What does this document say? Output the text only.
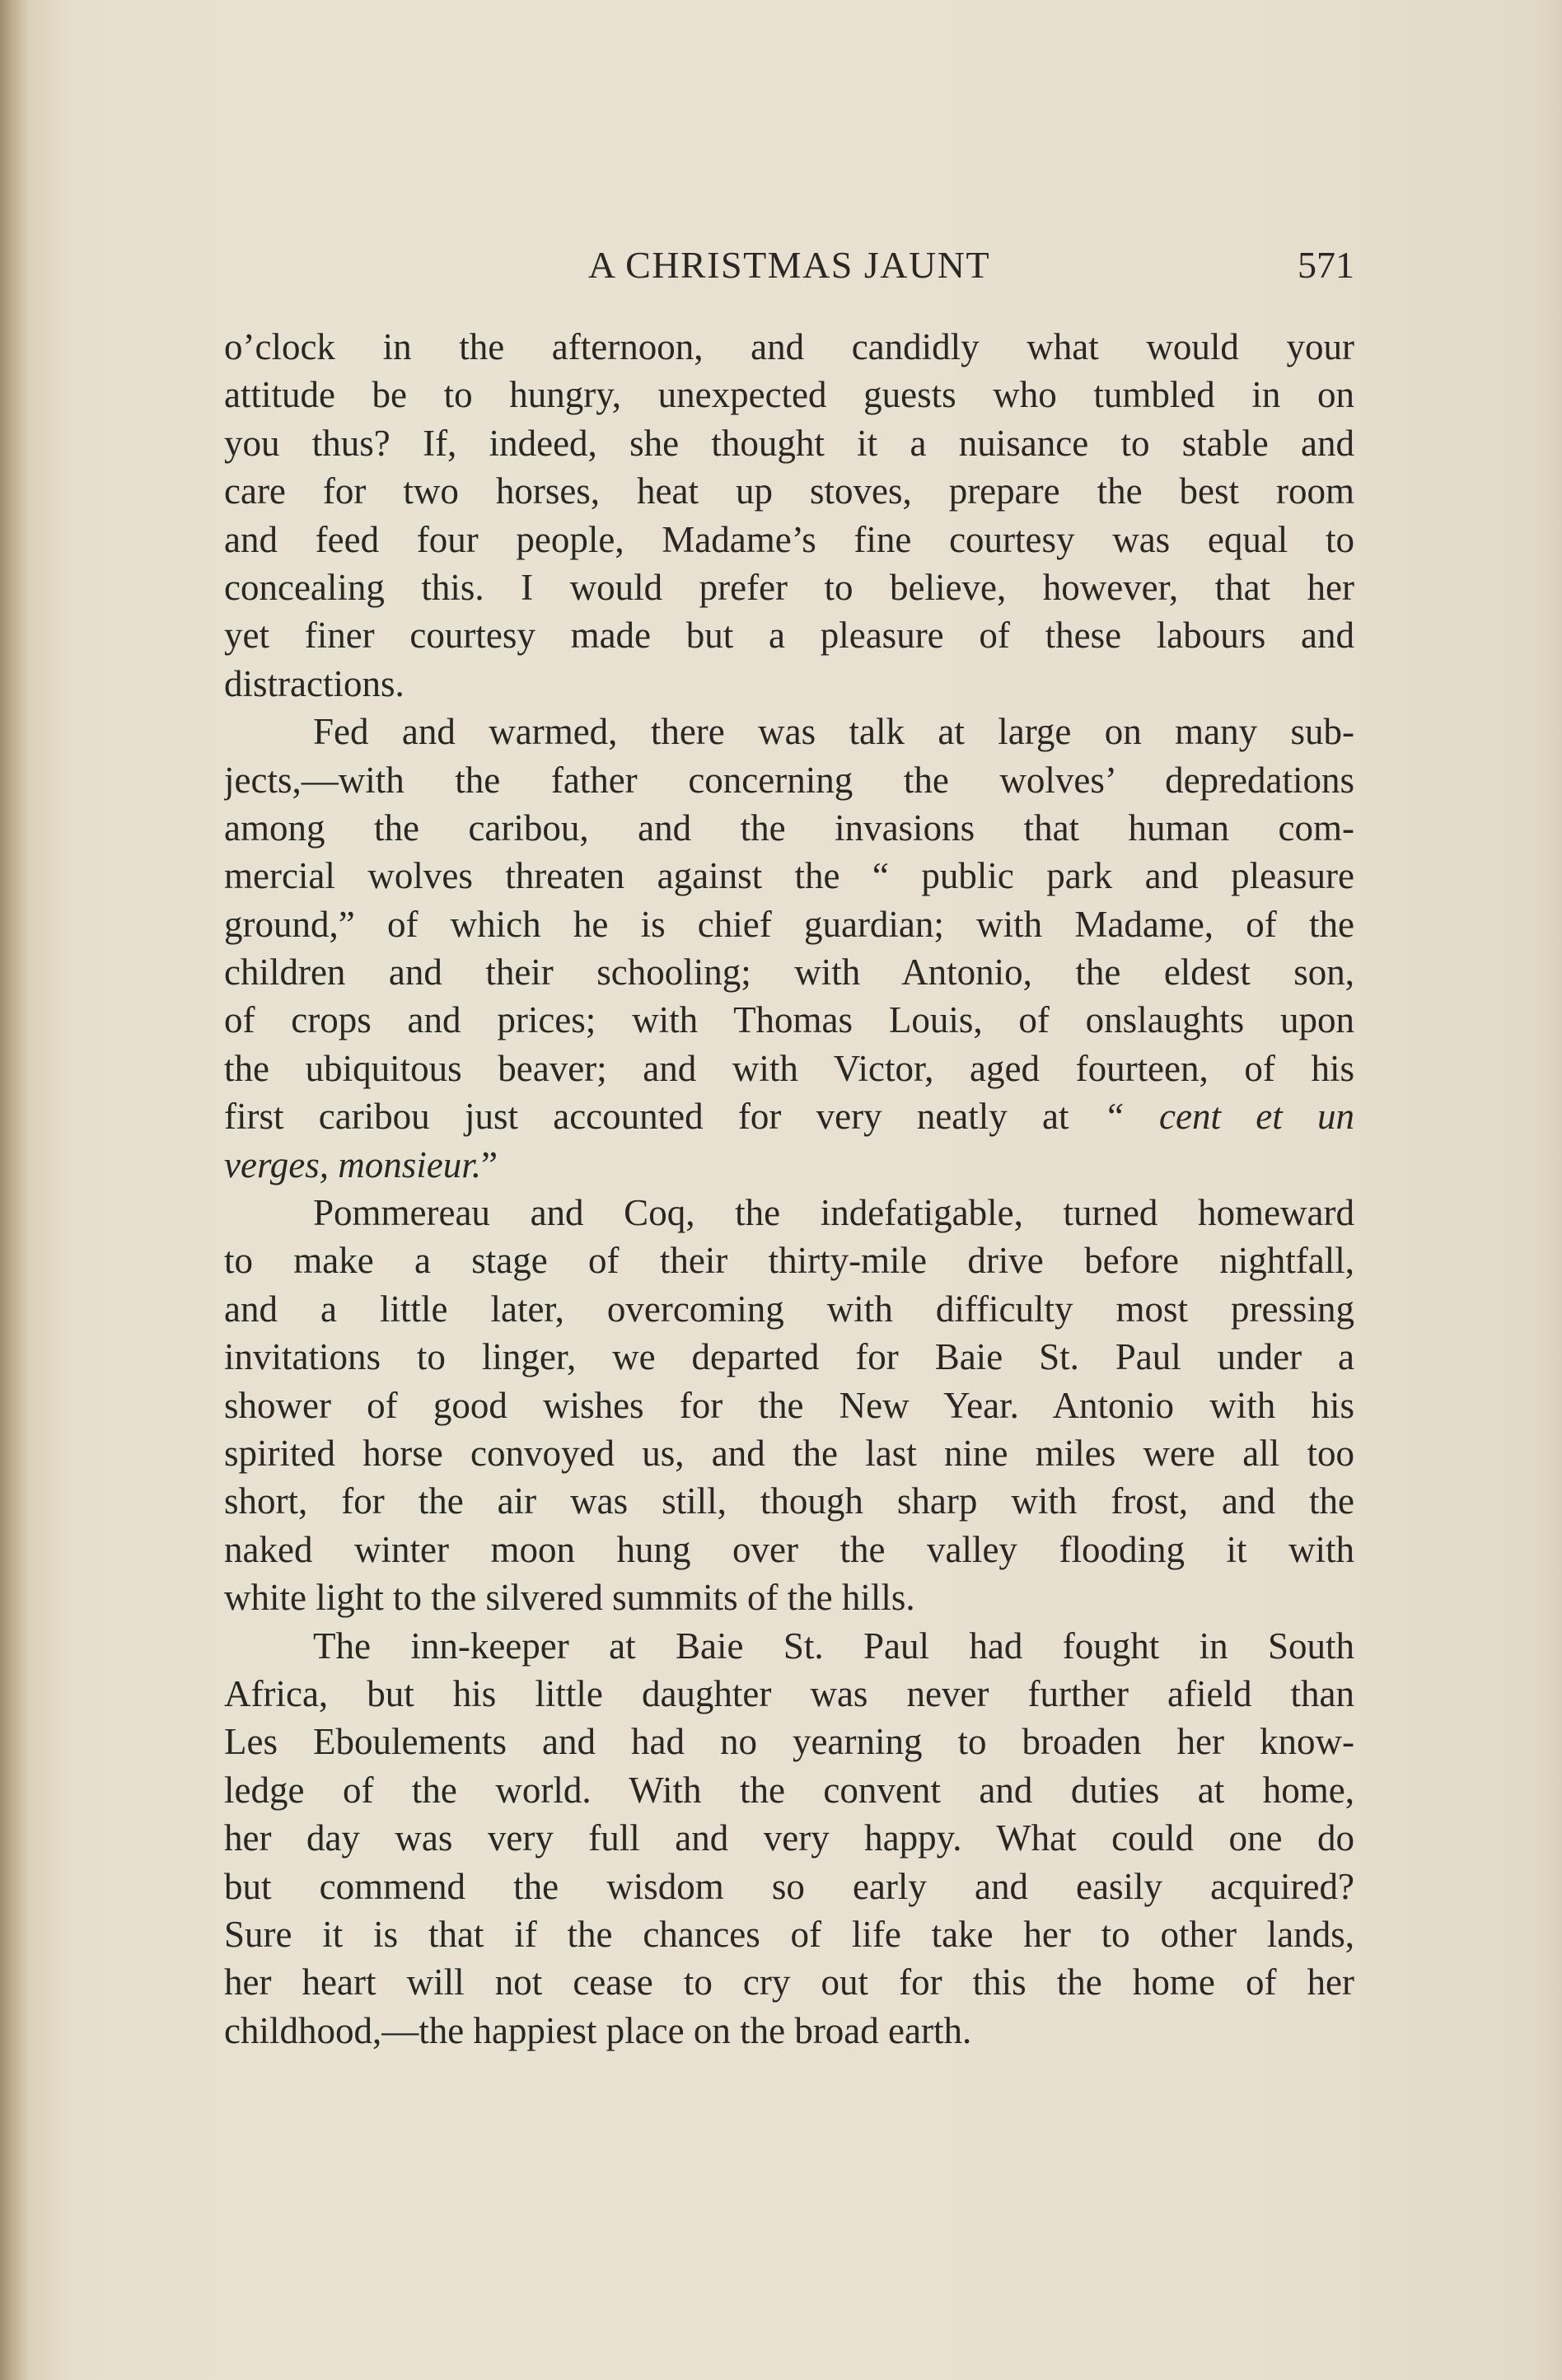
A CHRISTMAS JAUNT	571
o’clock in the afternoon, and candidly what would your
attitude be to hungry, unexpected guests who tumbled in on
you thus? If, indeed, she thought it a nuisance to stable and
care for two horses, heat up stoves, prepare the best room
and feed four people, Madame’s fine courtesy was equal to
concealing this. I would prefer to believe, however, that her
yet finer courtesy made but a pleasure of these labours and
distractions.
Fed and warmed, there was talk at large on many sub-
jects,—with the father concerning the wolves’ depredations
among the caribou, and the invasions that human com-
mercial wolves threaten against the “ public park and pleasure
ground,” of which he is chief guardian; with Madame, of the
children and their schooling; with Antonio, the eldest son,
of crops and prices; with Thomas Louis, of onslaughts upon
the ubiquitous beaver; and with Victor, aged fourteen, of his
first caribou just accounted for very neatly at “ cent et un
verges, monsieur.”
Pommereau and Coq, the indefatigable, turned homeward
to make a stage of their thirty-mile drive before nightfall,
and a little later, overcoming with difficulty most pressing
invitations to linger, we departed for Baie St. Paul under a
shower of good wishes for the New Year. Antonio with his
spirited horse convoyed us, and the last nine miles were all too
short, for the air was still, though sharp with frost, and the
naked winter moon hung over the valley flooding it with
white light to the silvered summits of the hills.
The inn-keeper at Baie St. Paul had fought in South
Africa, but his little daughter was never further afield than
Les Eboulements and had no yearning to broaden her know-
ledge of the world. With the convent and duties at home,
her day was very full and very happy. What could one do
but commend the wisdom so early and easily acquired?
Sure it is that if the chances of life take her to other lands,
her heart will not cease to cry out for this the home of her
childhood,—the happiest place on the broad earth.
